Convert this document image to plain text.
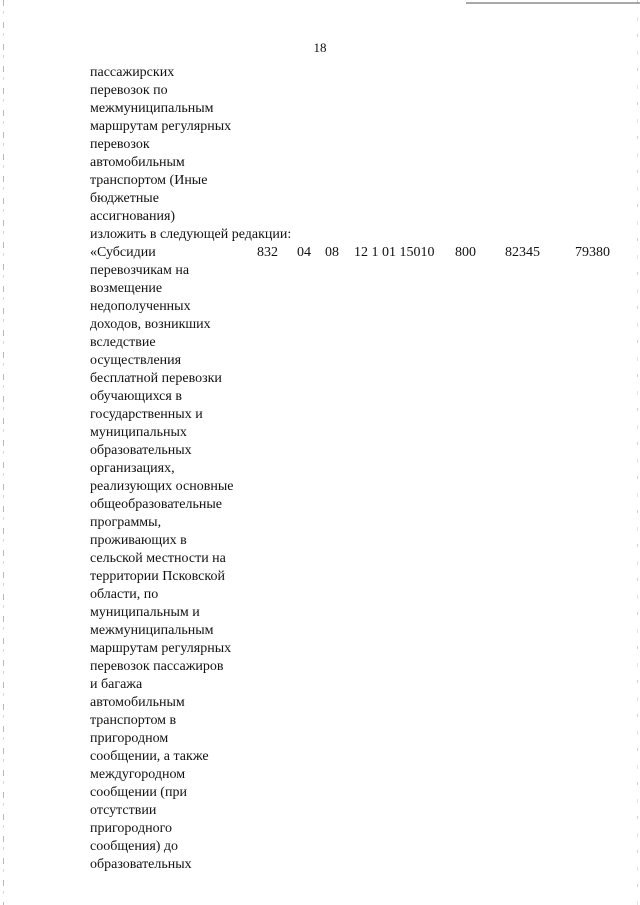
18
пассажирских
перевозок по
межмуниципальным
маршрутам регулярных
перевозок
автомобильным
транспортом (Иные
бюджетные
ассигнования)
изложить в следующей редакции:
832 04 08 12 1 01 15010 800 82345	79380
«Субсидии
перевозчикам на
возмещение
недополученных
доходов, возникших
вследствие
осуществления
бесплатной перевозки
обучающихся в
государственных и
муниципальных
образовательных
организациях,
реализующих основные
общеобразовательные
программы,
проживающих в
сельской местности на
территории Псковской
области, по
муниципальным и
межмуниципальным
маршрутам регулярных
перевозок пассажиров
и багажа
автомобильным
транспортом в
пригородном
сообщении, а также
междугородном
сообщении (при
отсутствии
пригородного
сообщения) до
образовательных
